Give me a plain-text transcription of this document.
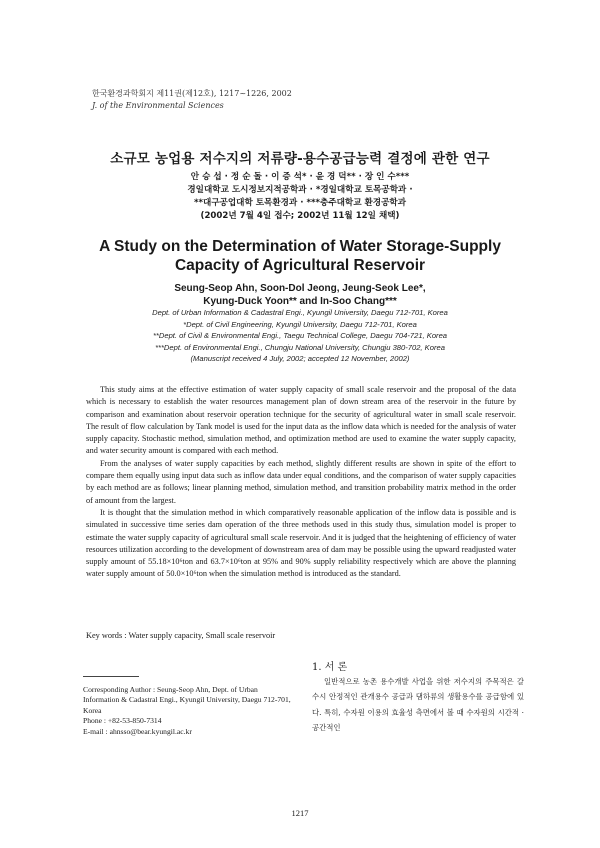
한국환경과학회지 제11권(제12호), 1217~1226, 2002
J. of the Environmental Sciences
소규모 농업용 저수지의 저류량-용수공급능력 결정에 관한 연구
안 승 섭 · 정 순 돌 · 이 증 석* · 윤 경 덕** · 장 인 수***
경일대학교 도시정보지적공학과 · *경일대학교 토목공학과 ·
**대구공업대학 토목환경과 · ***충주대학교 환경공학과
(2002년 7월 4일 접수; 2002년 11월 12일 채택)
A Study on the Determination of Water Storage-Supply
Capacity of Agricultural Reservoir
Seung-Seop Ahn, Soon-Dol Jeong, Jeung-Seok Lee*,
Kyung-Duck Yoon** and In-Soo Chang***
Dept. of Urban Information & Cadastral Engi., Kyungil University, Daegu 712-701, Korea
*Dept. of Civil Engineering, Kyungil University, Daegu 712-701, Korea
**Dept. of Civil & Environmental Engi., Taegu Technical College, Daegu 704-721, Korea
***Dept. of Environmental Engi., Chungju National University, Chungju 380-702, Korea
(Manuscript received 4 July, 2002; accepted 12 November, 2002)

This study aims at the effective estimation of water supply capacity of small scale reservoir and the proposal of the data which is necessary to establish the water resources management plan of down stream area of the reservoir in the future by comparison and examination about reservoir operation technique for the security of agricultural water in small scale reservoir. The result of flow calculation by Tank model is used for the input data as the inflow data which is needed for the analysis of water supply capacity. Stochastic method, simulation method, and optimization method are used to examine the water supply capacity, and water security amount is compared with each method.

From the analyses of water supply capacities by each method, slightly different results are shown in spite of the effort to compare them equally using input data such as inflow data under equal conditions, and the comparison of water supply capacities by each method are as follows; linear planning method, simulation method, and transition probability matrix method in the order of amount from the largest.

It is thought that the simulation method in which comparatively reasonable application of the inflow data is possible and is simulated in successive time series dam operation of the three methods used in this study thus, simulation model is proper to estimate the water supply capacity of agricultural small scale reservoir. And it is judged that the heightening of efficiency of water resources utilization according to the development of downstream area of dam may be possible using the upward readjusted water supply amount of 55.18×10⁶ton and 63.7×10⁶ton at 95% and 90% supply reliability respectively which are above the planning water supply amount of 50.0×10⁶ton when the simulation method is introduced as the standard.

Key words : Water supply capacity, Small scale reservoir
Corresponding Author : Seung-Seop Ahn, Dept. of Urban Information & Cadastral Engi., Kyungil University, Daegu 712-701, Korea
Phone : +82-53-850-7314
E-mail : ahnsso@bear.kyungil.ac.kr
1. 서 론

일반적으로 농촌 용수개발 사업을 위한 저수지의 주목적은 갈수시 안정적인 관개용수 공급과 댐하류의 생활용수를 공급함에 있다. 특히, 수자원 이용의 효율성 측면에서 볼 때 수자원의 시간적 · 공간적인

1217
